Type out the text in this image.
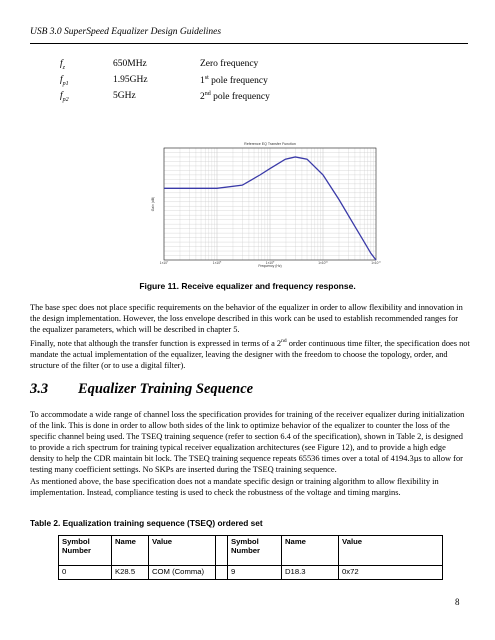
USB 3.0 SuperSpeed Equalizer Design Guidelines
$f_z$	650MHz	Zero frequency
$f_{p1}$	1.95GHz	1st pole frequency
$f_{p2}$	5GHz	2nd pole frequency
Reference EQ Transfer Function
$1\times 10^7$	$1\times 10^8$	$1\times 10^9$	$1\times 10^{10}$	$1\times 10^{11}$
Frequency (Hz)
Gain (dB)
Figure 11. Receive equalizer and frequency response.
The base spec does not place specific requirements on the behavior of the equalizer in order to allow flexibility and innovation in the design implementation. However, the loss envelope described in this work can be used to establish recommended ranges for the equalizer parameters, which will be described in chapter 5.
Finally, note that although the transfer function is expressed in terms of a 2nd order continuous time filter, the specification does not mandate the actual implementation of the equalizer, leaving the designer with the freedom to choose the topology, order, and structure of the filter (or to use a digital filter).
3.3 Equalizer Training Sequence
To accommodate a wide range of channel loss the specification provides for training of the receiver equalizer during initialization of the link. This is done in order to allow both sides of the link to optimize behavior of the equalizer to counter the loss of the specific channel being used. The TSEQ training sequence (refer to section 6.4 of the specification), shown in Table 2, is designed to provide a rich spectrum for training typical receiver equalization architectures (see Figure 12), and to provide a high edge density to help the CDR maintain bit lock. The TSEQ training sequence repeats 65536 times over a total of 4194.3µs to allow for testing many coefficient settings. No SKPs are inserted during the TSEQ training sequence.
As mentioned above, the base specification does not a mandate specific design or training algorithm to allow flexibility in implementation. Instead, compliance testing is used to check the robustness of the voltage and timing margins.
Table 2. Equalization training sequence (TSEQ) ordered set
Symbol Number	Name	Value		Symbol Number	Name	Value
0	K28.5	COM (Comma)		9	D18.3	0x72
8
